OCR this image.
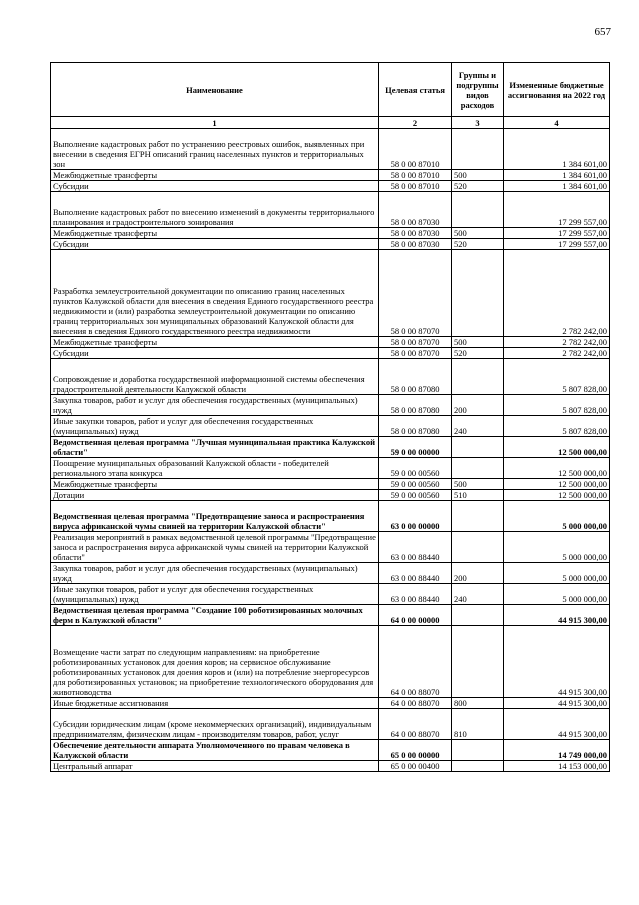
657
Наименование	Целевая статья	Группы и подгруппы видов расходов	Измененные бюджетные ассигнования на 2022 год
1	2	3	4
Выполнение кадастровых работ по устранению реестровых ошибок, выявленных при внесении в сведения ЕГРН описаний границ населенных пунктов и территориальных зон	58 0 00 87010		1 384 601,00
Межбюджетные трансферты	58 0 00 87010	500	1 384 601,00
Субсидии	58 0 00 87010	520	1 384 601,00
Выполнение кадастровых работ по внесению изменений в документы территориального планирования и градостроительного зонирования	58 0 00 87030		17 299 557,00
Межбюджетные трансферты	58 0 00 87030	500	17 299 557,00
Субсидии	58 0 00 87030	520	17 299 557,00
Разработка землеустроительной документации по описанию границ населенных пунктов Калужской области для внесения в сведения Единого государственного реестра недвижимости и (или) разработка землеустроительной документации по описанию границ территориальных зон муниципальных образований Калужской области для внесения в сведения Единого государственного реестра недвижимости	58 0 00 87070		2 782 242,00
Межбюджетные трансферты	58 0 00 87070	500	2 782 242,00
Субсидии	58 0 00 87070	520	2 782 242,00
Сопровождение и доработка государственной информационной системы обеспечения градостроительной деятельности Калужской области	58 0 00 87080		5 807 828,00
Закупка товаров, работ и услуг для обеспечения государственных (муниципальных) нужд	58 0 00 87080	200	5 807 828,00
Иные закупки товаров, работ и услуг для обеспечения государственных (муниципальных) нужд	58 0 00 87080	240	5 807 828,00
Ведомственная целевая программа "Лучшая муниципальная практика Калужской области"	59 0 00 00000		12 500 000,00
Поощрение муниципальных образований Калужской области - победителей регионального этапа конкурса	59 0 00 00560		12 500 000,00
Межбюджетные трансферты	59 0 00 00560	500	12 500 000,00
Дотации	59 0 00 00560	510	12 500 000,00
Ведомственная целевая программа "Предотвращение заноса и распространения вируса африканской чумы свиней на территории Калужской области"	63 0 00 00000		5 000 000,00
Реализация мероприятий в рамках ведомственной целевой программы "Предотвращение заноса и распространения вируса африканской чумы свиней на территории Калужской области"	63 0 00 88440		5 000 000,00
Закупка товаров, работ и услуг для обеспечения государственных (муниципальных) нужд	63 0 00 88440	200	5 000 000,00
Иные закупки товаров, работ и услуг для обеспечения государственных (муниципальных) нужд	63 0 00 88440	240	5 000 000,00
Ведомственная целевая программа "Создание 100 роботизированных молочных ферм в Калужской области"	64 0 00 00000		44 915 300,00
Возмещение части затрат по следующим направлениям: на приобретение роботизированных установок для доения коров; на сервисное обслуживание роботизированных установок для доения коров и (или) на потребление энергоресурсов для роботизированных установок; на приобретение технологического оборудования для животноводства	64 0 00 88070		44 915 300,00
Иные бюджетные ассигнования	64 0 00 88070	800	44 915 300,00
Субсидии юридическим лицам (кроме некоммерческих организаций), индивидуальным предпринимателям, физическим лицам - производителям товаров, работ, услуг	64 0 00 88070	810	44 915 300,00
Обеспечение деятельности аппарата Уполномоченного по правам человека в Калужской области	65 0 00 00000		14 749 000,00
Центральный аппарат	65 0 00 00400		14 153 000,00
